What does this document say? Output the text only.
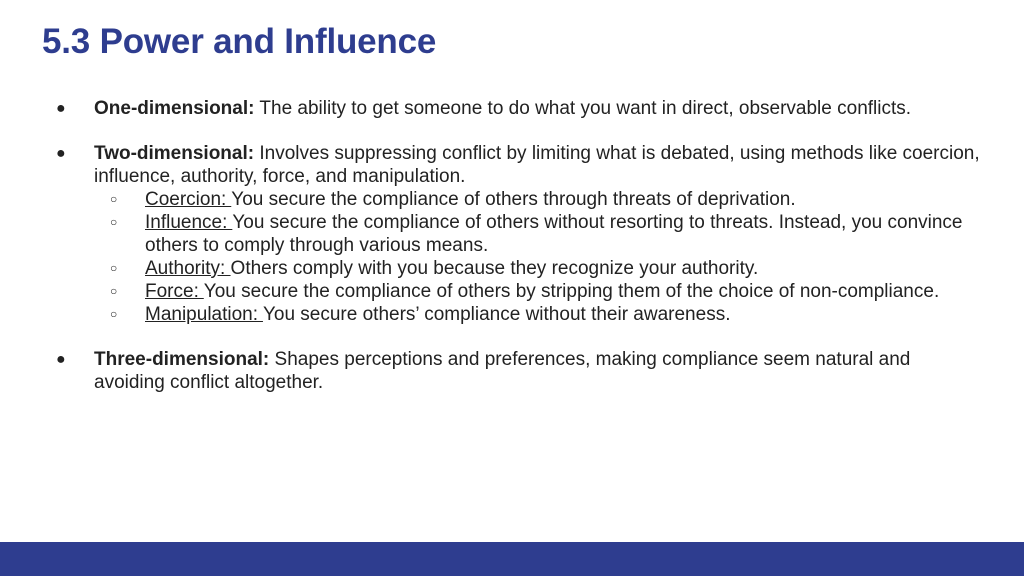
5.3 Power and Influence
● One-dimensional: The ability to get someone to do what you want in direct, observable conflicts.
● Two-dimensional: Involves suppressing conflict by limiting what is debated, using methods like coercion, influence, authority, force, and manipulation.
○ Coercion: You secure the compliance of others through threats of deprivation.
○ Influence: You secure the compliance of others without resorting to threats. Instead, you convince others to comply through various means.
○ Authority: Others comply with you because they recognize your authority.
○ Force: You secure the compliance of others by stripping them of the choice of non-compliance.
○ Manipulation: You secure others’ compliance without their awareness.
● Three-dimensional: Shapes perceptions and preferences, making compliance seem natural and avoiding conflict altogether.
